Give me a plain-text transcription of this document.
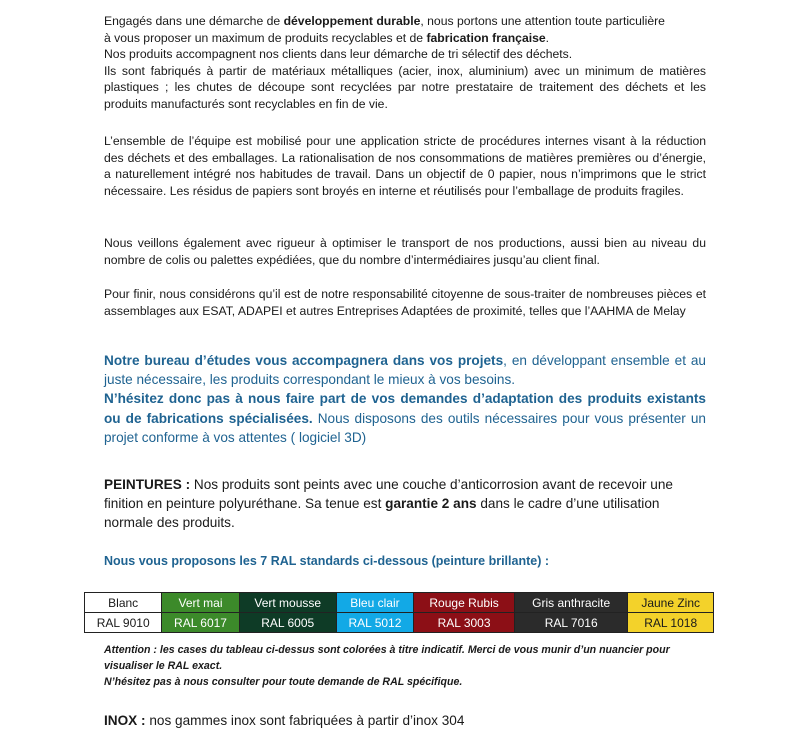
Engagés dans une démarche de développement durable, nous portons une attention toute particulière

à vous proposer un maximum de produits recyclables et de fabrication française.

Nos produits accompagnent nos clients dans leur démarche de tri sélectif des déchets.

Ils sont fabriqués à partir de matériaux métalliques (acier, inox, aluminium) avec un minimum de matières plastiques ; les chutes de découpe sont recyclées par notre prestataire de traitement des déchets et les produits manufacturés sont recyclables en fin de vie.

L’ensemble de l’équipe est mobilisé pour une application stricte de procédures internes visant à la réduction des déchets et des emballages. La rationalisation de nos consommations de matières premières ou d’énergie, a naturellement intégré nos habitudes de travail. Dans un objectif de 0 papier, nous n’imprimons que le strict nécessaire. Les résidus de papiers sont broyés en interne et réutilisés pour l’emballage de produits fragiles.

Nous veillons également avec rigueur à optimiser le transport de nos productions, aussi bien au niveau du nombre de colis ou palettes expédiées, que du nombre d’intermédiaires jusqu’au client final.

Pour finir, nous considérons qu’il est de notre responsabilité citoyenne de sous-traiter de nombreuses pièces et assemblages aux ESAT, ADAPEI et autres Entreprises Adaptées de proximité, telles que l’AAHMA de Melay

Notre bureau d’études vous accompagnera dans vos projets, en développant ensemble et au juste nécessaire, les produits correspondant le mieux à vos besoins.

N’hésitez donc pas à nous faire part de vos demandes d’adaptation des produits existants ou de fabrications spécialisées. Nous disposons des outils nécessaires pour vous présenter un projet conforme à vos attentes ( logiciel 3D)

PEINTURES : Nos produits sont peints avec une couche d’anticorrosion avant de recevoir une finition en peinture polyuréthane. Sa tenue est garantie 2 ans dans le cadre d’une utilisation normale des produits.

Nous vous proposons les 7 RAL standards ci-dessous (peinture brillante) :
Blanc	Vert mai	Vert mousse	Bleu clair	Rouge Rubis	Gris anthracite	Jaune Zinc
RAL 9010	RAL 6017	RAL 6005	RAL 5012	RAL 3003	RAL 7016	RAL 1018

Attention : les cases du tableau ci-dessus sont colorées à titre indicatif. Merci de vous munir d’un nuancier pour visualiser le RAL exact.

N’hésitez pas à nous consulter pour toute demande de RAL spécifique.

INOX : nos gammes inox sont fabriquées à partir d’inox 304
